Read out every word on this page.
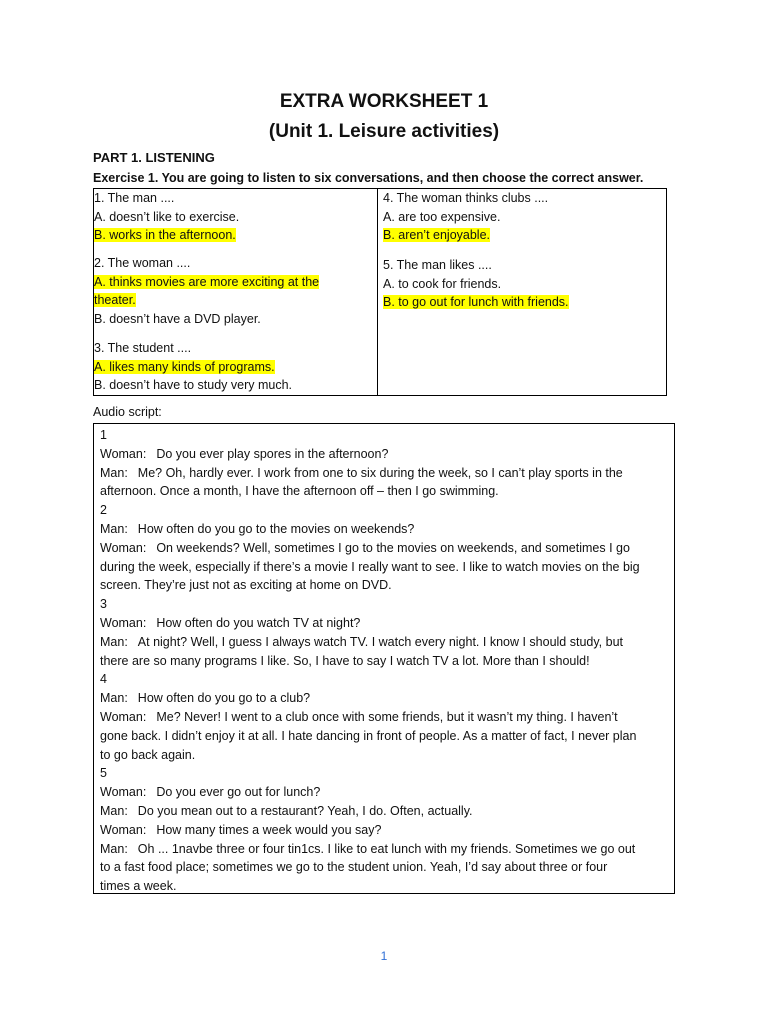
EXTRA WORKSHEET 1
(Unit 1. Leisure activities)
PART 1. LISTENING
Exercise 1. You are going to listen to six conversations, and then choose the correct answer.
1. The man ....
A. doesn’t like to exercise.
B. works in the afternoon.
2. The woman ....
A. thinks movies are more exciting at the
theater.
B. doesn’t have a DVD player.
3. The student ....
A. likes many kinds of programs.
B. doesn’t have to study very much.
4. The woman thinks clubs ....
A. are too expensive.
B. aren’t enjoyable.
5. The man likes ....
A. to cook for friends.
B. to go out for lunch with friends.
Audio script:
1
Woman: Do you ever play spores in the afternoon?
Man: Me? Oh, hardly ever. I work from one to six during the week, so I can’t play sports in the
afternoon. Once a month, I have the afternoon off – then I go swimming.
2
Man: How often do you go to the movies on weekends?
Woman: On weekends? Well, sometimes I go to the movies on weekends, and sometimes I go
during the week, especially if there’s a movie I really want to see. I like to watch movies on the big
screen. They’re just not as exciting at home on DVD.
3
Woman: How often do you watch TV at night?
Man: At night? Well, I guess I always watch TV. I watch every night. I know I should study, but
there are so many programs I like. So, I have to say I watch TV a lot. More than I should!
4
Man: How often do you go to a club?
Woman: Me? Never! I went to a club once with some friends, but it wasn’t my thing. I haven’t
gone back. I didn’t enjoy it at all. I hate dancing in front of people. As a matter of fact, I never plan
to go back again.
5
Woman: Do you ever go out for lunch?
Man: Do you mean out to a restaurant? Yeah, I do. Often, actually.
Woman: How many times a week would you say?
Man: Oh ... 1navbe three or four tin1cs. I like to eat lunch with my friends. Sometimes we go out
to a fast food place; sometimes we go to the student union. Yeah, I’d say about three or four
times a week.
1
